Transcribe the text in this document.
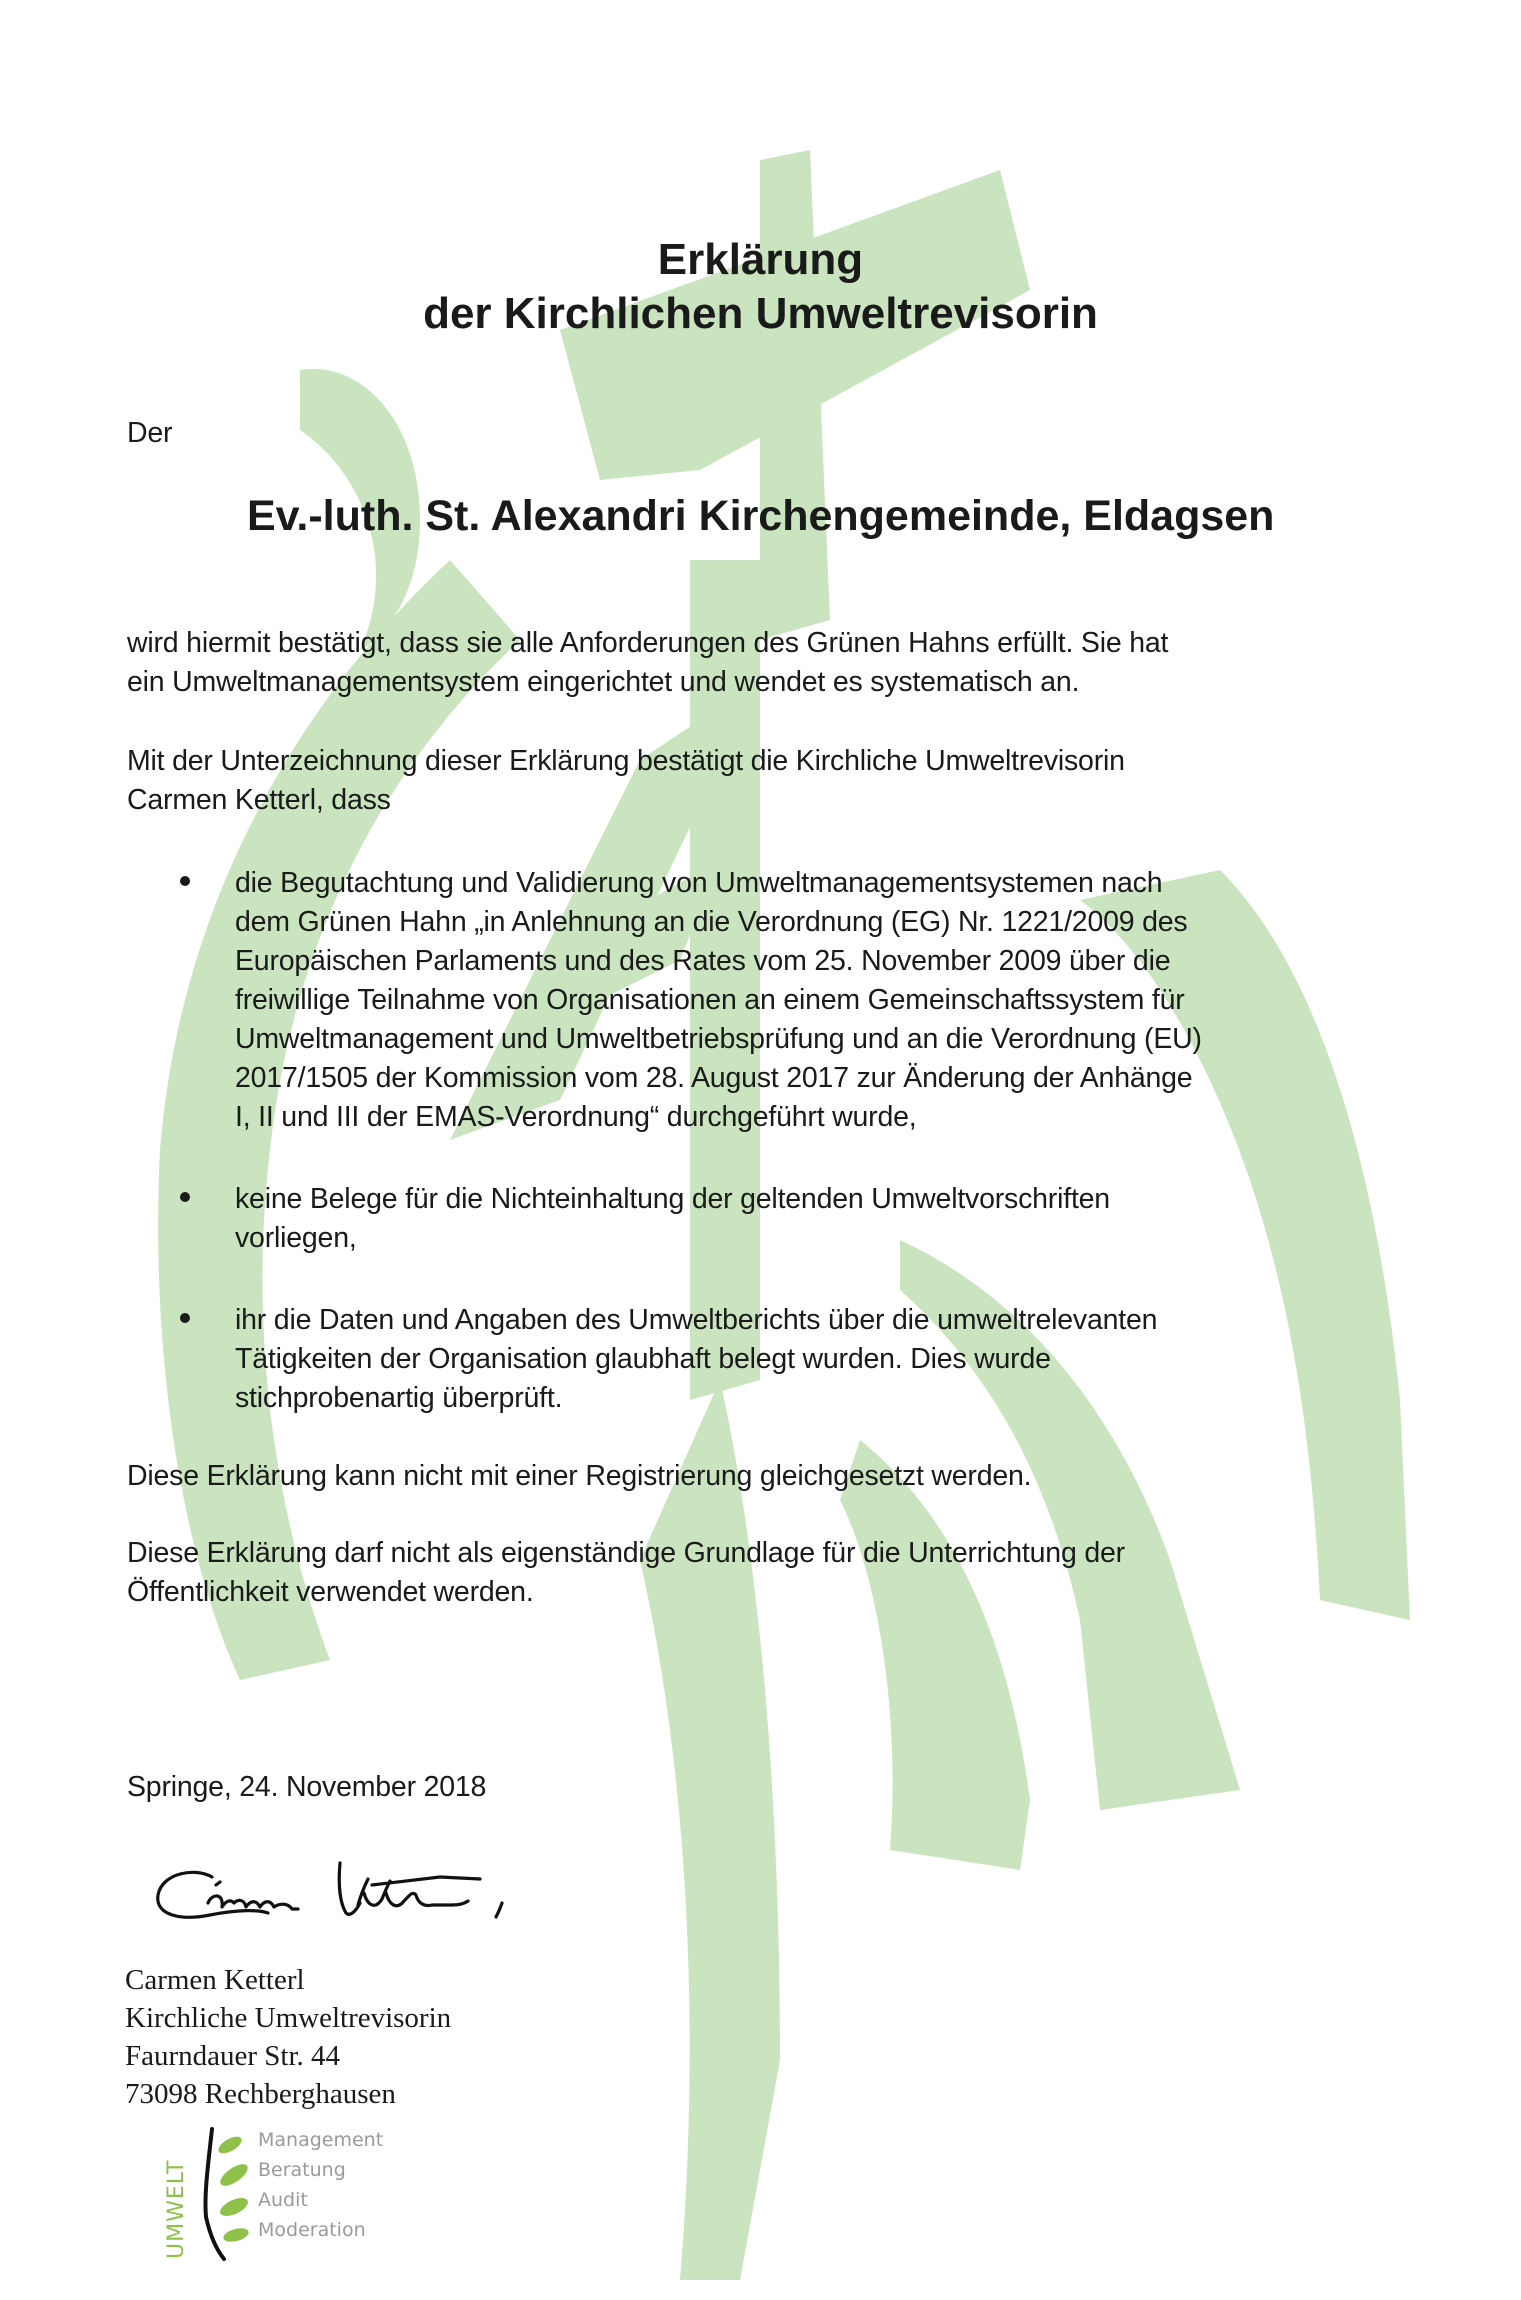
Erklärung
der Kirchlichen Umweltrevisorin

Der

Ev.-luth. St. Alexandri Kirchengemeinde, Eldagsen

wird hiermit bestätigt, dass sie alle Anforderungen des Grünen Hahns erfüllt. Sie hat

ein Umweltmanagementsystem eingerichtet und wendet es systematisch an.

Mit der Unterzeichnung dieser Erklärung bestätigt die Kirchliche Umweltrevisorin

Carmen Ketterl, dass

die Begutachtung und Validierung von Umweltmanagementsystemen nach

dem Grünen Hahn „in Anlehnung an die Verordnung (EG) Nr. 1221/2009 des

Europäischen Parlaments und des Rates vom 25. November 2009 über die

freiwillige Teilnahme von Organisationen an einem Gemeinschaftssystem für

Umweltmanagement und Umweltbetriebsprüfung und an die Verordnung (EU)

2017/1505 der Kommission vom 28. August 2017 zur Änderung der Anhänge

I, II und III der EMAS-Verordnung“ durchgeführt wurde,

keine Belege für die Nichteinhaltung der geltenden Umweltvorschriften

vorliegen,

ihr die Daten und Angaben des Umweltberichts über die umweltrelevanten

Tätigkeiten der Organisation glaubhaft belegt wurden. Dies wurde

stichprobenartig überprüft.

Diese Erklärung kann nicht mit einer Registrierung gleichgesetzt werden.

Diese Erklärung darf nicht als eigenständige Grundlage für die Unterrichtung der

Öffentlichkeit verwendet werden.

Springe, 24. November 2018

Carmen Ketterl

Carmen Ketterl

Kirchliche Umweltrevisorin

Faurndauer Str. 44

73098 Rechberghausen

UMWELT
Management
Beratung
Audit
Moderation
